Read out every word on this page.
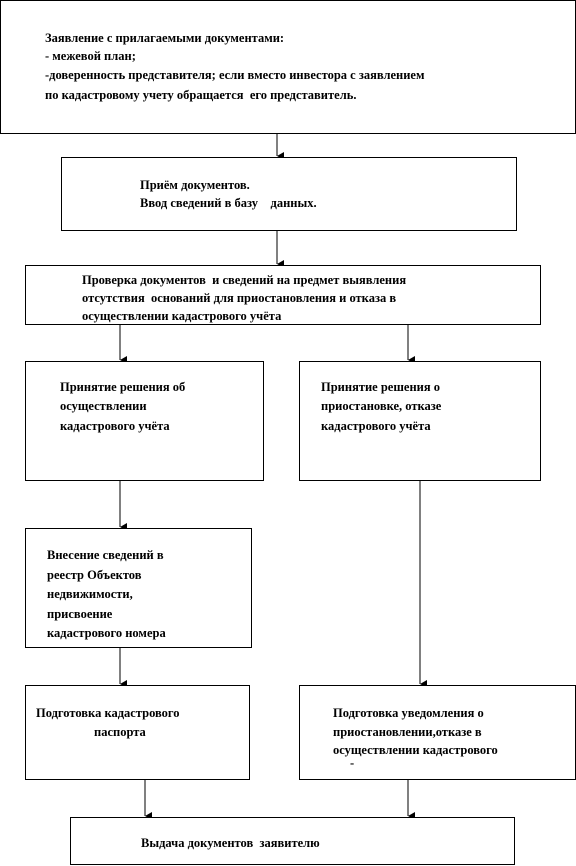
Заявление с прилагаемыми документами:
- межевой план;
-доверенность представителя; если вместо инвестора с заявлением
по кадастровому учету обращается  его представитель.
Приём документов.
Ввод сведений в базу    данных.
Проверка документов  и сведений на предмет выявления
отсутствия  оснований для приостановления и отказа в
осуществлении кадастрового учёта
Принятие решения об
осуществлении
кадастрового учёта
Принятие решения о
приостановке, отказе
кадастрового учёта
Внесение сведений в
реестр Объектов
недвижимости,
присвоение
кадастрового номера
Подготовка кадастрового
паспорта
Подготовка уведомления о
приостановлении,отказе в
осуществлении кадастрового
-
Выдача документов  заявителю
